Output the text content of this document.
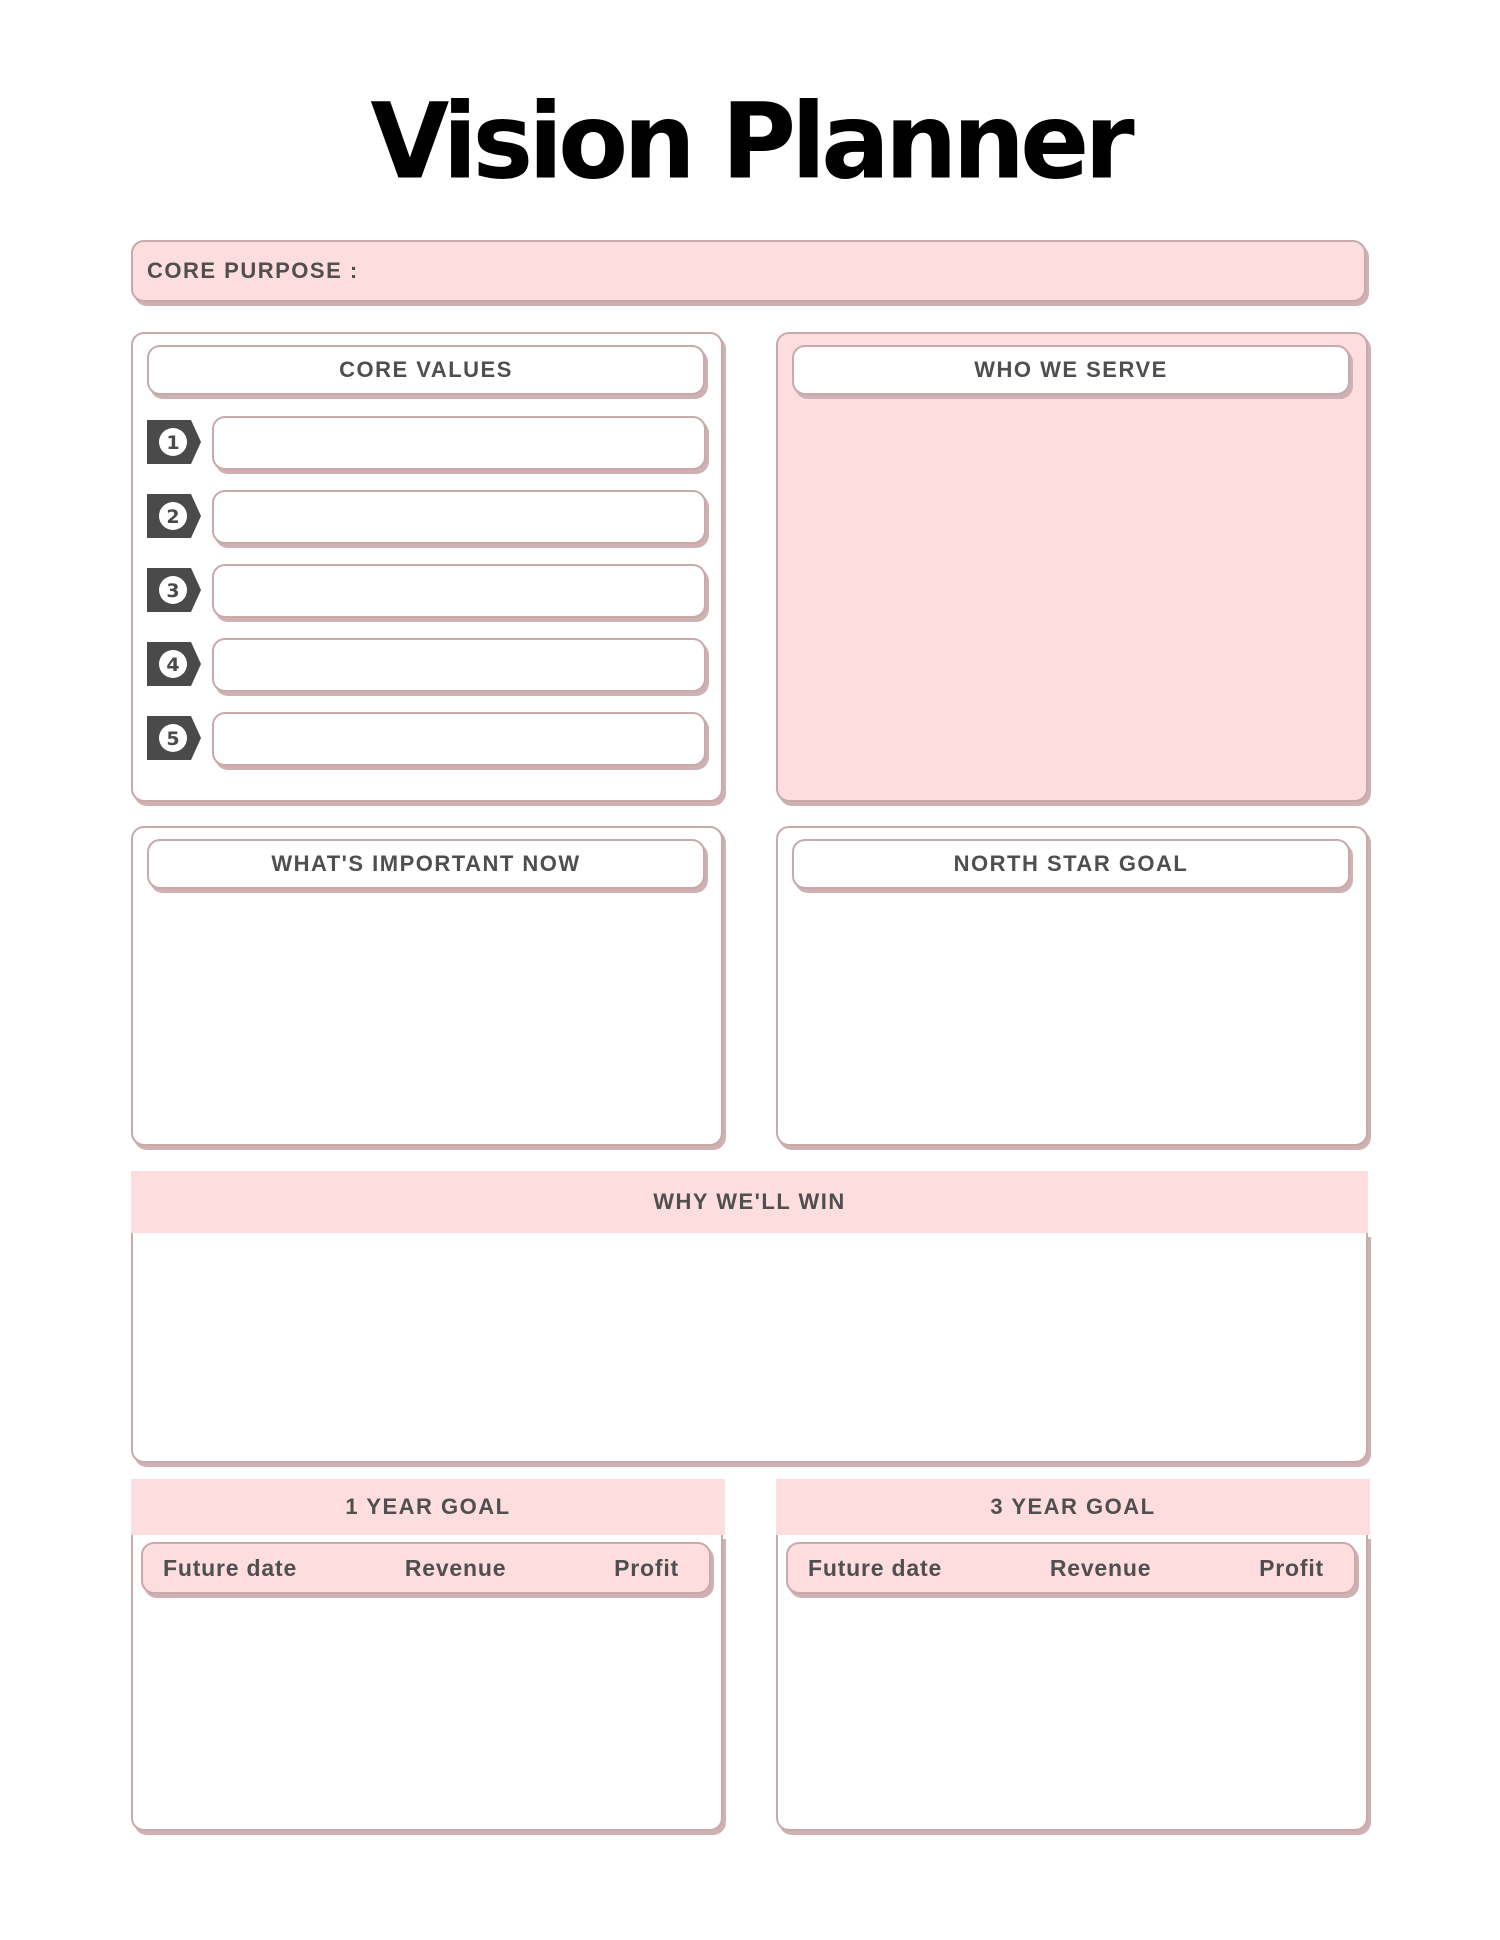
Vision Planner
CORE PURPOSE :
CORE VALUES
1
2
3
4
5
WHO WE SERVE
WHAT'S IMPORTANT NOW	NORTH STAR GOAL
WHY WE'LL WIN
1 YEAR GOAL
Future date	Revenue	Profit
3 YEAR GOAL
Future date	Revenue	Profit
